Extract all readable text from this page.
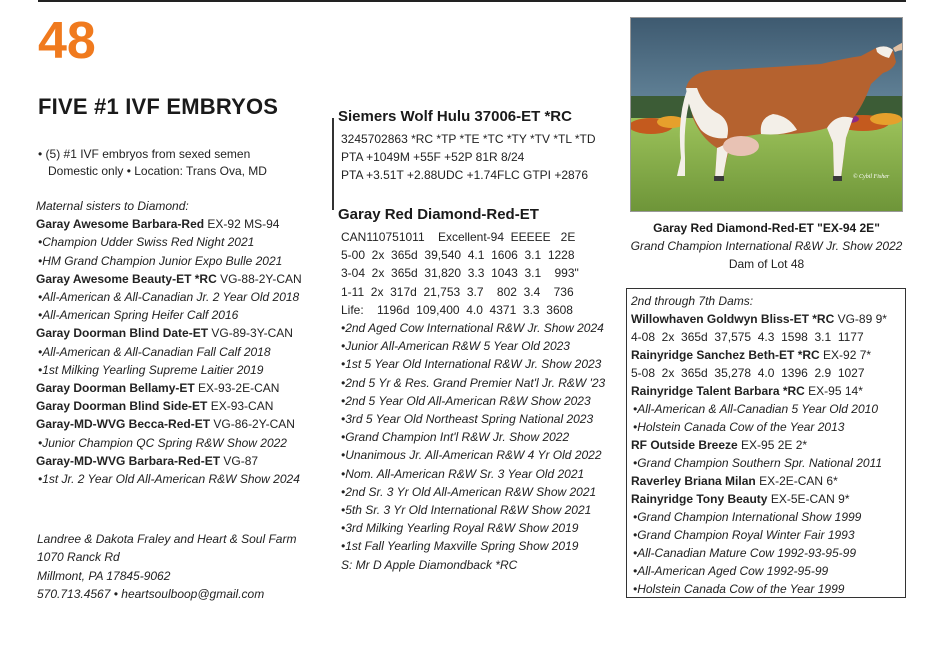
48
FIVE #1 IVF EMBRYOS
• (5) #1 IVF embryos from sexed semen
Domestic only • Location: Trans Ova, MD
Maternal sisters to Diamond:
Garay Awesome Barbara-Red EX-92 MS-94
•Champion Udder Swiss Red Night 2021
•HM Grand Champion Junior Expo Bulle 2021
Garay Awesome Beauty-ET *RC VG-88-2Y-CAN
•All-American & All-Canadian Jr. 2 Year Old 2018
•All-American Spring Heifer Calf 2016
Garay Doorman Blind Date-ET VG-89-3Y-CAN
•All-American & All-Canadian Fall Calf 2018
•1st Milking Yearling Supreme Laitier 2019
Garay Doorman Bellamy-ET EX-93-2E-CAN
Garay Doorman Blind Side-ET EX-93-CAN
Garay-MD-WVG Becca-Red-ET VG-86-2Y-CAN
•Junior Champion QC Spring R&W Show 2022
Garay-MD-WVG Barbara-Red-ET VG-87
•1st Jr. 2 Year Old All-American R&W Show 2024
Landree & Dakota Fraley and Heart & Soul Farm
1070 Ranck Rd
Millmont, PA 17845-9062
570.713.4567 • heartsoulboop@gmail.com
Siemers Wolf Hulu 37006-ET *RC
3245702863 *RC *TP *TE *TC *TY *TV *TL *TD
PTA +1049M +55F +52P 81R 8/24
PTA +3.51T +2.88UDC +1.74FLC GTPI +2876
Garay Red Diamond-Red-ET
CAN110751011    Excellent-94  EEEEE   2E
5-00  2x  365d  39,540  4.1  1606  3.1  1228
3-04  2x  365d  31,820  3.3  1043  3.1    993"
1-11  2x  317d  21,753  3.7    802  3.4    736
Life:    1196d  109,400  4.0  4371  3.3  3608
•2nd Aged Cow International R&W Jr. Show 2024
•Junior All-American R&W 5 Year Old 2023
•1st 5 Year Old International R&W Jr. Show 2023
•2nd 5 Yr & Res. Grand Premier Nat'l Jr. R&W '23
•2nd 5 Year Old All-American R&W Show 2023
•3rd 5 Year Old Northeast Spring National 2023
•Grand Champion Int'l R&W Jr. Show 2022
•Unanimous Jr. All-American R&W 4 Yr Old 2022
•Nom. All-American R&W Sr. 3 Year Old 2021
•2nd Sr. 3 Yr Old All-American R&W Show 2021
•5th Sr. 3 Yr Old International R&W Show 2021
•3rd Milking Yearling Royal R&W Show 2019
•1st Fall Yearling Maxville Spring Show 2019
S: Mr D Apple Diamondback *RC
© Cybil Fisher
Garay Red Diamond-Red-ET "EX-94 2E"
Grand Champion International R&W Jr. Show 2022
Dam of Lot 48
2nd through 7th Dams:
Willowhaven Goldwyn Bliss-ET *RC VG-89 9*
4-08  2x  365d  37,575  4.3  1598  3.1  1177
Rainyridge Sanchez Beth-ET *RC EX-92 7*
5-08  2x  365d  35,278  4.0  1396  2.9  1027
Rainyridge Talent Barbara *RC EX-95 14*
•All-American & All-Canadian 5 Year Old 2010
•Holstein Canada Cow of the Year 2013
RF Outside Breeze EX-95 2E 2*
•Grand Champion Southern Spr. National 2011
Raverley Briana Milan EX-2E-CAN 6*
Rainyridge Tony Beauty EX-5E-CAN 9*
•Grand Champion International Show 1999
•Grand Champion Royal Winter Fair 1993
•All-Canadian Mature Cow 1992-93-95-99
•All-American Aged Cow 1992-95-99
•Holstein Canada Cow of the Year 1999
